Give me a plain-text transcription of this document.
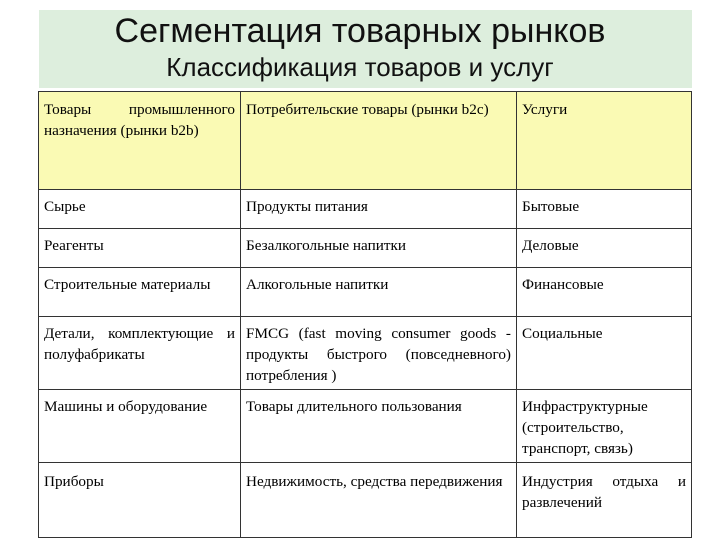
Сегментация товарных рынков
Классификация товаров и услуг
Товары промышленного назначения (рынки b2b)	Потребительские товары (рынки b2c)	Услуги
Сырье	Продукты питания	Бытовые
Реагенты	Безалкогольные напитки	Деловые
Строительные материалы	Алкогольные напитки	Финансовые
Детали, комплектующие и полуфабрикаты	FMCG (fast moving consumer goods - продукты быстрого (повседневного) потребления )	Социальные
Машины и оборудование	Товары длительного пользования	Инфраструктурные (строительство, транспорт, связь)
Приборы	Недвижимость, средства передвижения	Индустрия отдыха и развлечений
